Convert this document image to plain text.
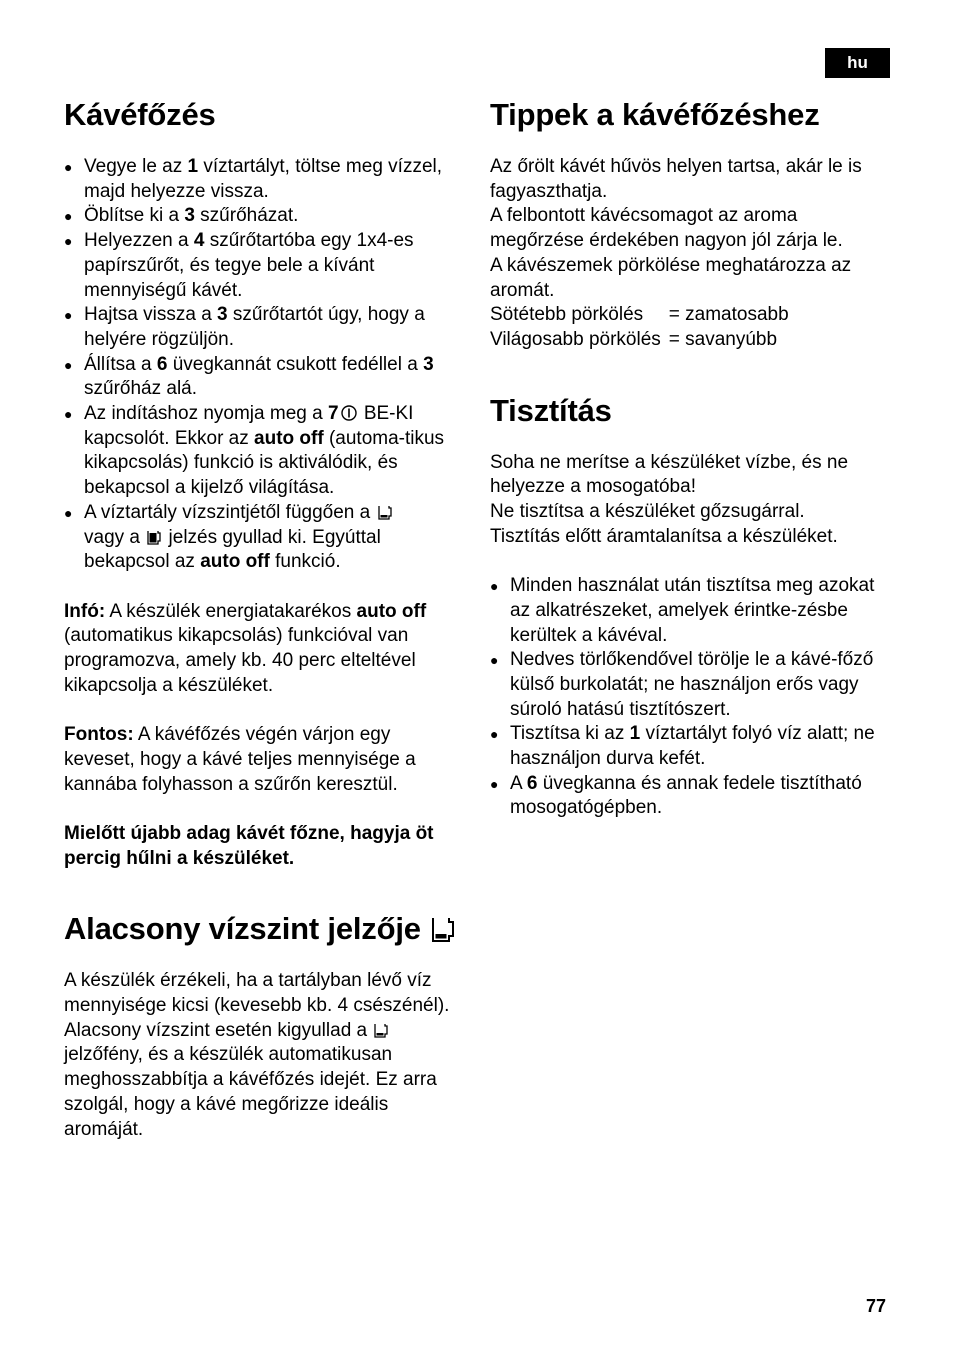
hu
Kávéfőzés
● Vegye le az 1 víztartályt, töltse meg vízzel, majd helyezze vissza.
● Öblítse ki a 3 szűrőházat.
● Helyezzen a 4 szűrőtartóba egy 1x4-es papírszűrőt, és tegye bele a kívánt mennyiségű kávét.
● Hajtsa vissza a 3 szűrőtartót úgy, hogy a helyére rögzüljön.
● Állítsa a 6 üvegkannát csukott fedéllel a 3 szűrőház alá.
● Az indításhoz nyomja meg a 7 BE-KI kapcsolót. Ekkor az auto off (automa-tikus kikapcsolás) funkció is aktiválódik, és bekapcsol a kijelző világítása.
● A víztartály vízszintjétől függően a
vagy a  jelzés gyullad ki. Egyúttal bekapcsol az auto off funkció.

Infó: A készülék energiatakarékos auto off (automatikus kikapcsolás) funkcióval van programozva, amely kb. 40 perc elteltével kikapcsolja a készüléket.

Fontos: A kávéfőzés végén várjon egy keveset, hogy a kávé teljes mennyisége a kannába folyhasson a szűrőn keresztül.

Mielőtt újabb adag kávét főzne, hagyja öt percig hűlni a készüléket.

Alacsony vízszint jelzője

A készülék érzékeli, ha a tartályban lévő víz mennyisége kicsi (kevesebb kb. 4 csészénél).

Alacsony vízszint esetén kigyullad a  jelzőfény, és a készülék automatikusan meghosszabbítja a kávéfőzés idejét. Ez arra szolgál, hogy a kávé megőrizze ideális aromáját.

Tippek a kávéfőzéshez

Az őrölt kávét hűvös helyen tartsa, akár le is fagyaszthatja.

A felbontott kávécsomagot az aroma megőrzése érdekében nagyon jól zárja le.

A kávészemek pörkölése meghatározza az aromát.

Sötétebb pörkölés	= zamatosabb
Világosabb pörkölés = savanyúbb
Tisztítás

Soha ne merítse a készüléket vízbe, és ne helyezze a mosogatóba!

Ne tisztítsa a készüléket gőzsugárral.

Tisztítás előtt áramtalanítsa a készüléket.

● Minden használat után tisztítsa meg azokat az alkatrészeket, amelyek érintke-zésbe kerültek a kávéval.
● Nedves törlőkendővel törölje le a kávé-főző külső burkolatát; ne használjon erős vagy súroló hatású tisztítószert.
● Tisztítsa ki az 1 víztartályt folyó víz alatt; ne használjon durva kefét.
● A 6 üvegkanna és annak fedele tisztítható mosogatógépben.
77
